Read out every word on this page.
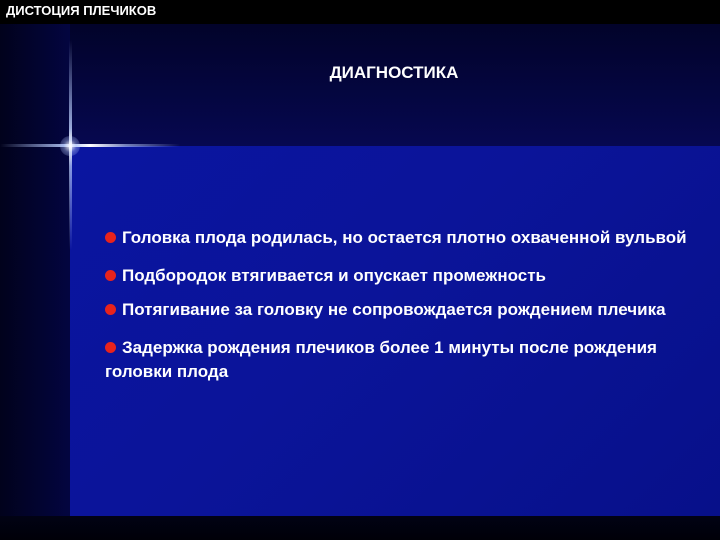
ДИСТОЦИЯ ПЛЕЧИКОВ
ДИАГНОСТИКА
Головка плода родилась, но остается плотно охваченной вульвой
Подбородок втягивается и опускает промежность
Потягивание за головку не сопровождается рождением плечика
Задержка рождения плечиков более 1 минуты после рождения головки плода
